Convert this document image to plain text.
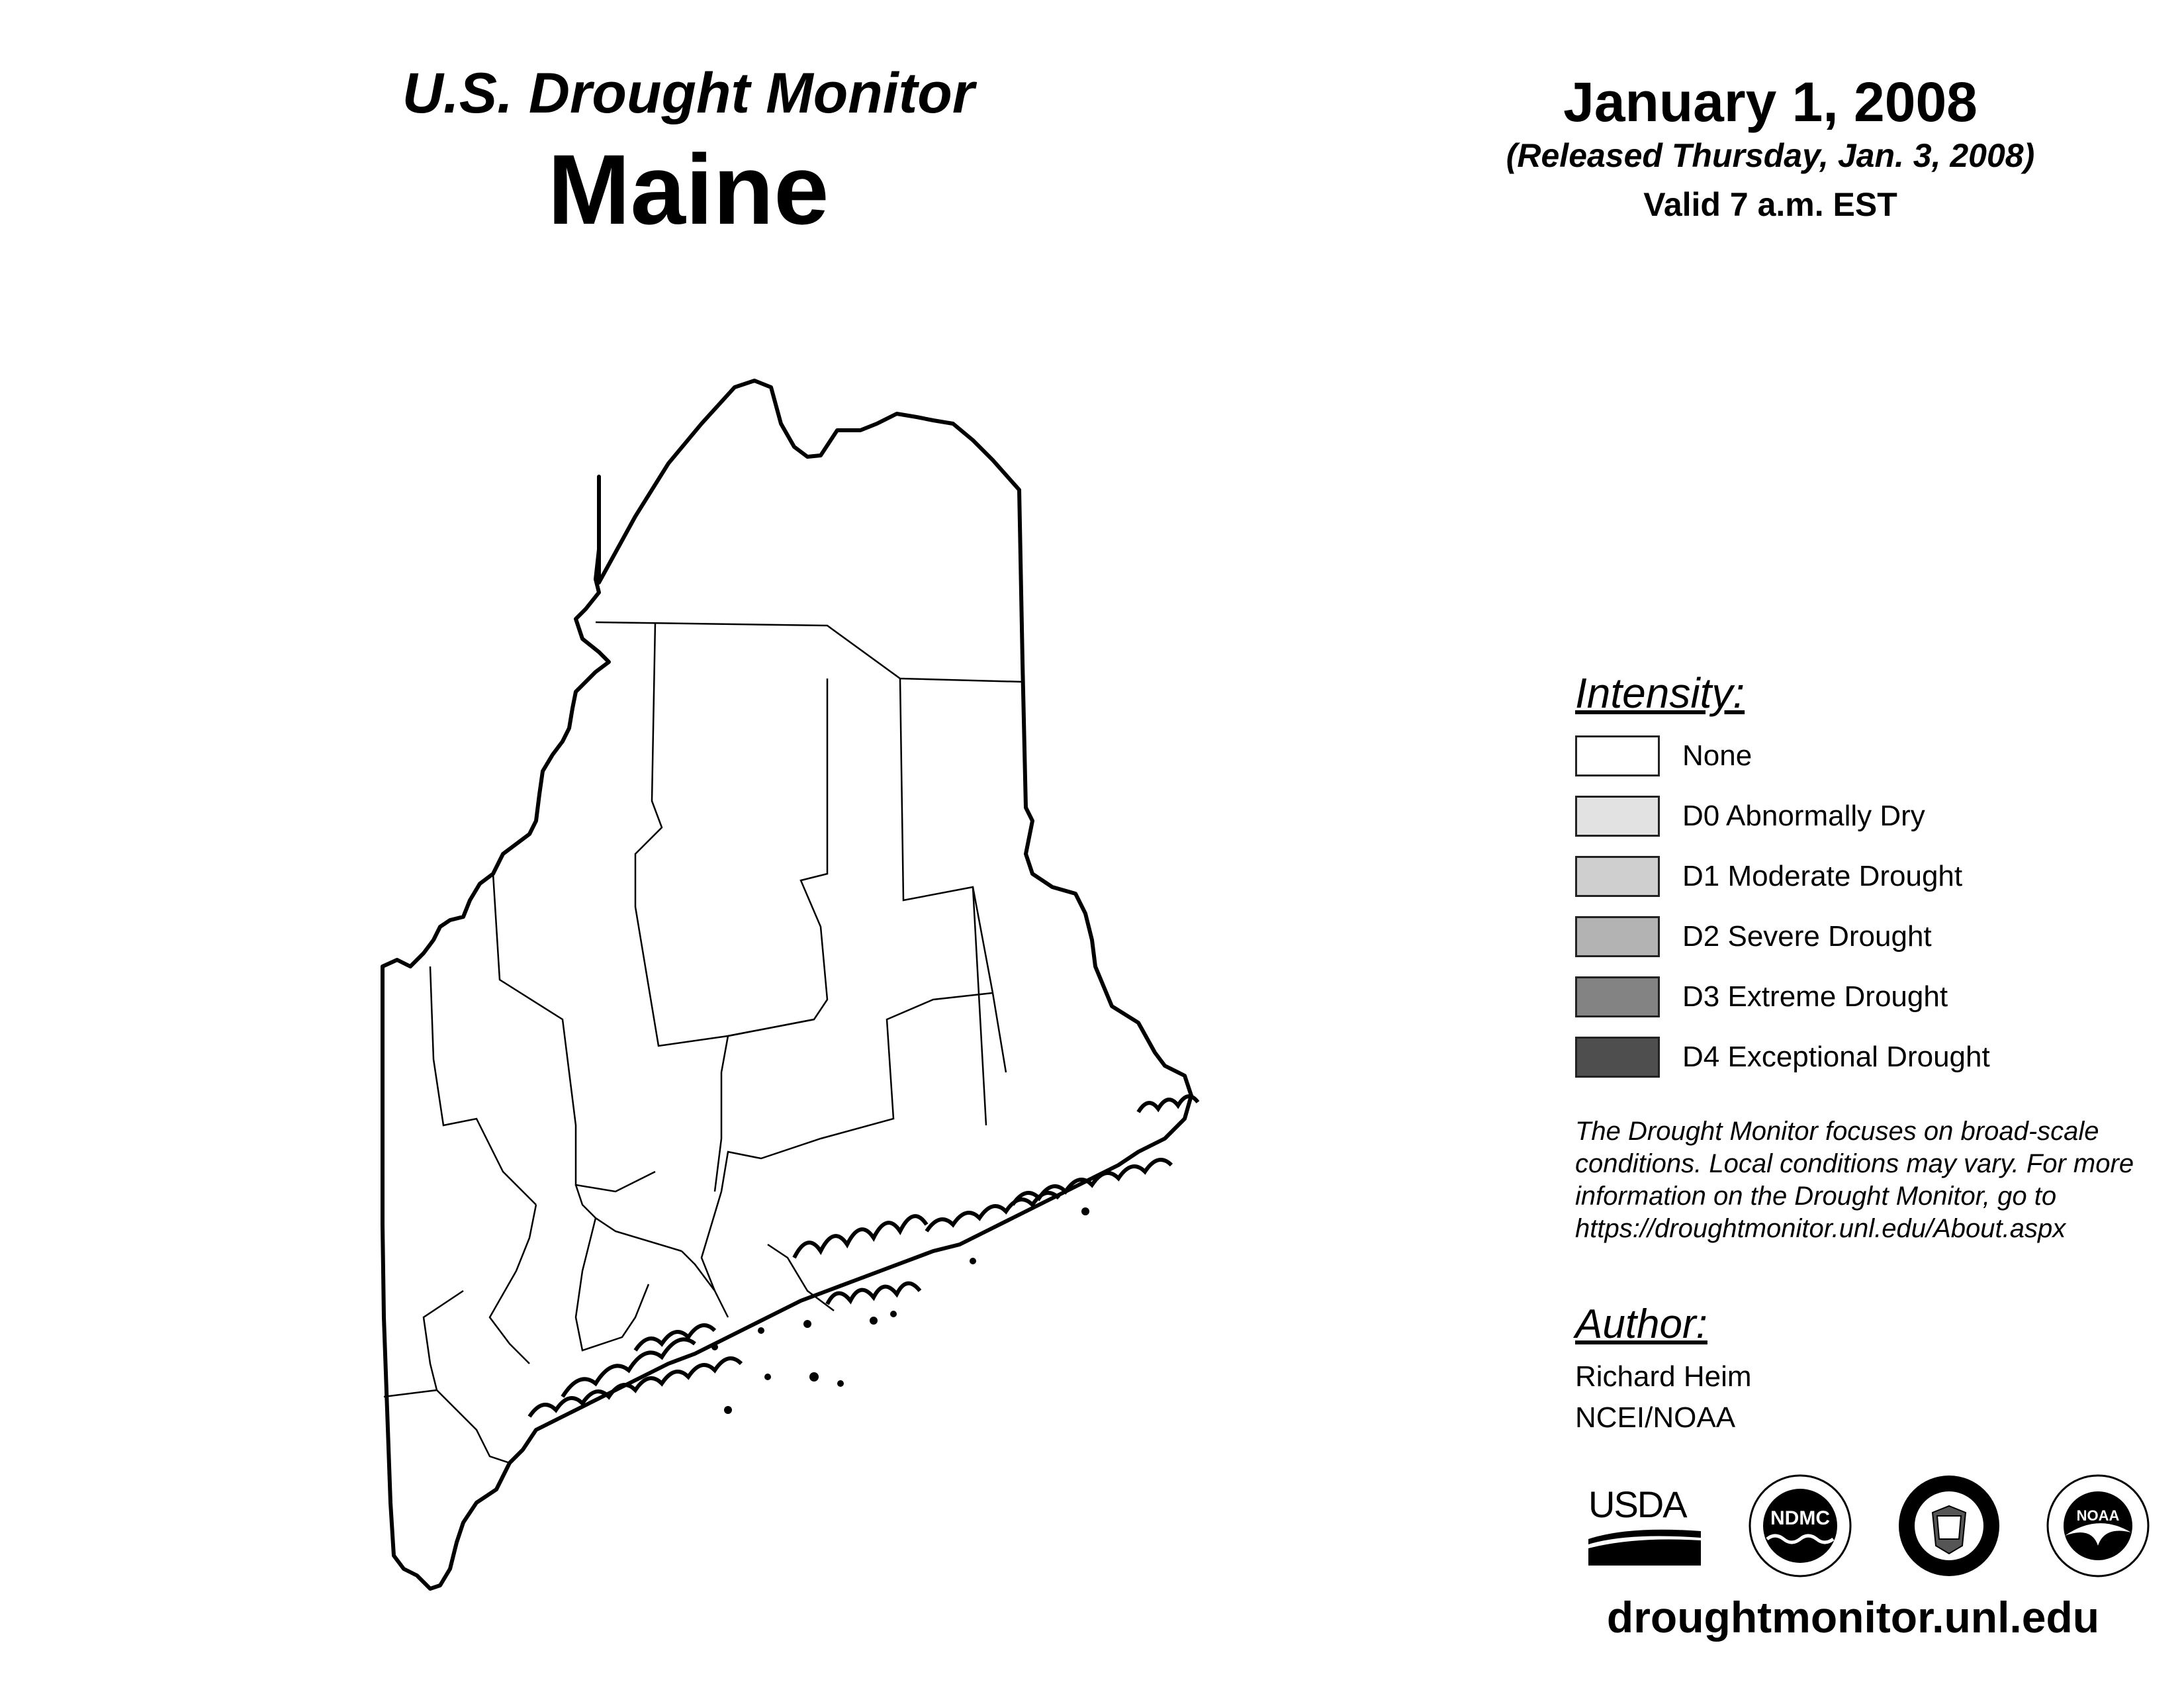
U.S. Drought Monitor
Maine
January 1, 2008
(Released Thursday, Jan. 3, 2008)
Valid 7 a.m. EST
Intensity:
None
D0 Abnormally Dry
D1 Moderate Drought
D2 Severe Drought
D3 Extreme Drought
D4 Exceptional Drought
The Drought Monitor focuses on broad-scale conditions. Local conditions may vary. For more information on the Drought Monitor, go to https://droughtmonitor.unl.edu/About.aspx
Author:
Richard Heim
NCEI/NOAA
USDA	NDMC	NOAA
droughtmonitor.unl.edu
